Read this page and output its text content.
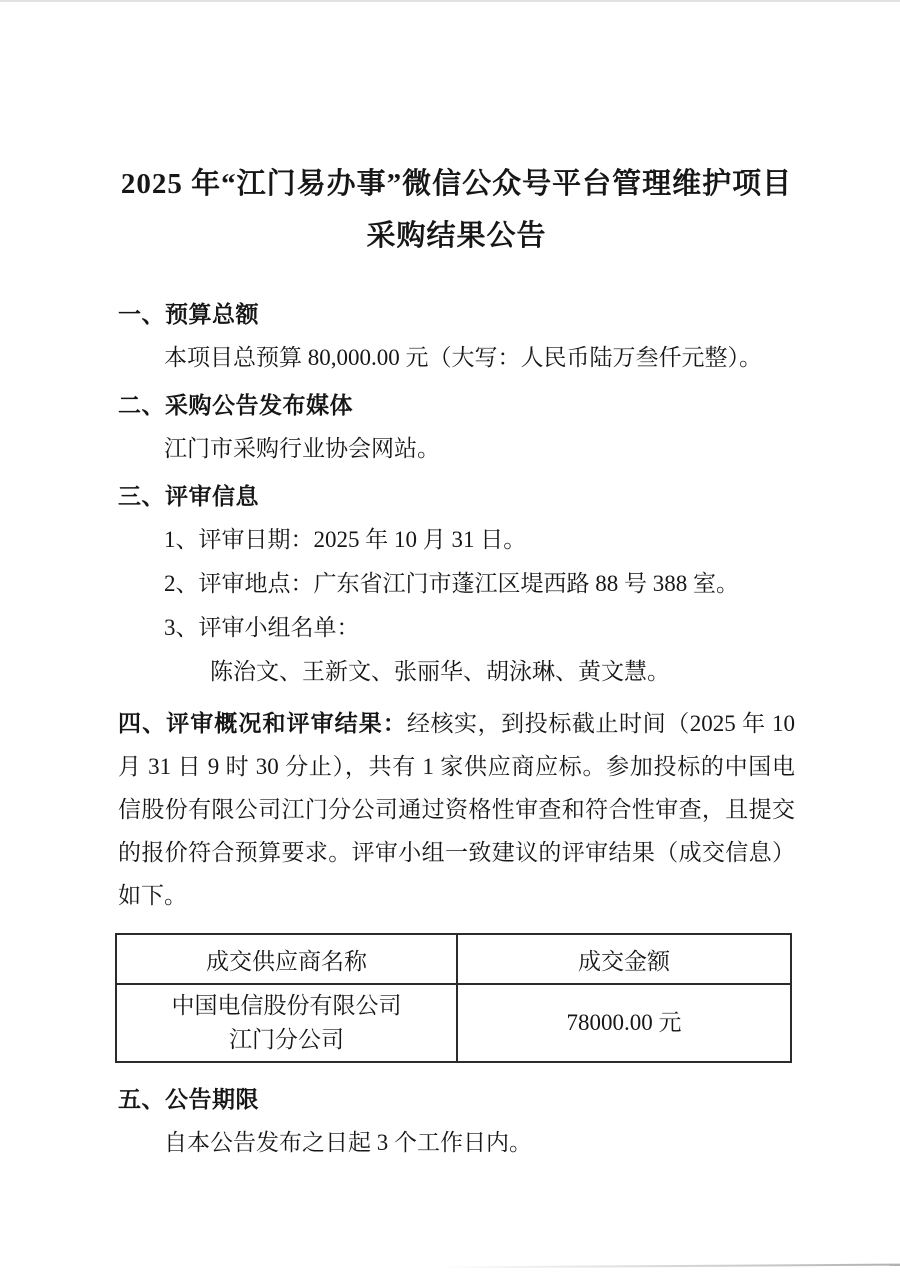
2025 年“江门易办事”微信公众号平台管理维护项目
采购结果公告
一、预算总额

本项目总预算 80,000.00 元（大写：人民币陆万叁仟元整）。

二、采购公告发布媒体

江门市采购行业协会网站。

三、评审信息

1、评审日期：2025 年 10 月 31 日。

2、评审地点：广东省江门市蓬江区堤西路 88 号 388 室。

3、评审小组名单：

陈治文、王新文、张丽华、胡泳琳、黄文慧。

四、评审概况和评审结果：经核实，到投标截止时间（2025 年 10 月 31 日 9 时 30 分止），共有 1 家供应商应标。参加投标的中国电信股份有限公司江门分公司通过资格性审查和符合性审查，且提交的报价符合预算要求。评审小组一致建议的评审结果（成交信息）如下。

成交供应商名称	成交金额
中国电信股份有限公司
江门分公司	78000.00 元
五、公告期限

自本公告发布之日起 3 个工作日内。
